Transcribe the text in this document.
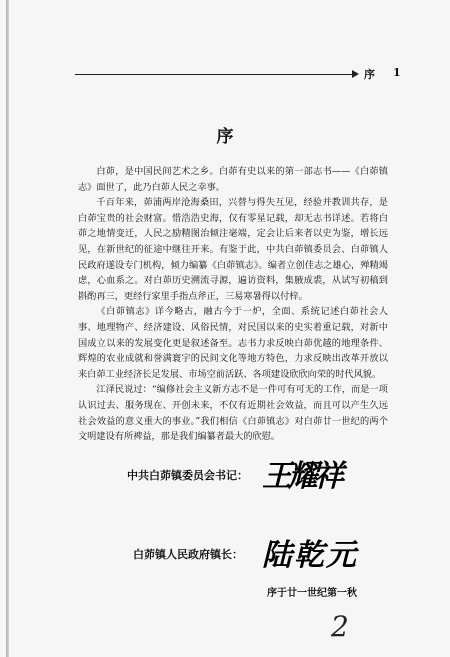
序 1
序

白茆，是中国民间艺术之乡。白茆有史以来的第一部志书——《白茆镇志》面世了，此乃白茆人民之幸事。

千百年来，茆浦两岸沧海桑田，兴替与得失互见，经验并教训共存，是白茆宝贵的社会财富。惜浩浩史海，仅有零星记载，却无志书详述。若将白茆之地情变迁，人民之励精图治倾注毫端，定会让后来者以史为鉴，增长远见，在新世纪的征途中继往开来。有鉴于此，中共白茆镇委员会、白茆镇人民政府遂设专门机构，倾力编纂《白茆镇志》。编者立创佳志之雄心，殚精竭虑，心血系之。对白茆历史溯流寻源，遍访资料，集腋成裘，从试写初稿到斟酌再三，更经行家里手指点斧正，三易寒暑得以付梓。

《白茆镇志》详今略古，融古今于一炉，全面、系统记述白茆社会人事、地理物产、经济建设、风俗民情，对民国以来的史实着重记载，对新中国成立以来的发展变化更是叙述备至。志书力求反映白茆优越的地理条件、辉煌的农业成就和誉满寰宇的民间文化等地方特色，力求反映出改革开放以来白茆工业经济长足发展、市场空前活跃、各项建设欣欣向荣的时代风貌。

江泽民说过：“编修社会主义新方志不是一件可有可无的工作，而是一项认识过去、服务现在、开创未来，不仅有近期社会效益，而且可以产生久远社会效益的意义重大的事业。”我们相信《白茆镇志》对白茆廿一世纪的两个文明建设有所裨益，那是我们编纂者最大的欣慰。

中共白茆镇委员会书记： 王耀祥
白茆镇人民政府镇长： 陆乾元
序于廿一世纪第一秋
2
